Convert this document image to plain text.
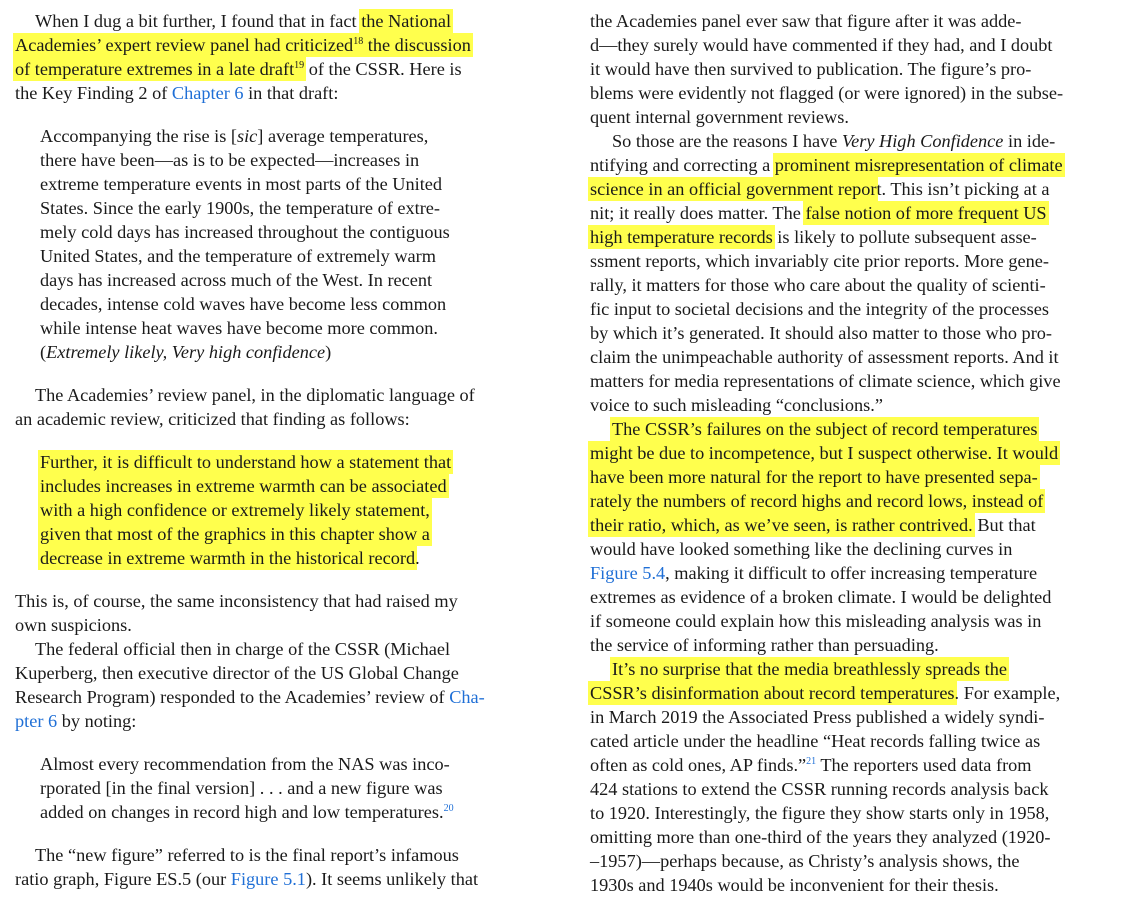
When I dug a bit further, I found that in fact the National
Academies’ expert review panel had criticized$^{18}$ the discussion
of temperature extremes in a late draft$^{19}$ of the CSSR. Here is
the Key Finding 2 of Chapter 6 in that draft:
Accompanying the rise is [sic] average temperatures,
there have been—as is to be expected—increases in
extreme temperature events in most parts of the United
States. Since the early 1900s, the temperature of extre-
mely cold days has increased throughout the contiguous
United States, and the temperature of extremely warm
days has increased across much of the West. In recent
decades, intense cold waves have become less common
while intense heat waves have become more common.
(Extremely likely, Very high confidence)
The Academies’ review panel, in the diplomatic language of
an academic review, criticized that finding as follows:
Further, it is difficult to understand how a statement that
includes increases in extreme warmth can be associated
with a high confidence or extremely likely statement,
given that most of the graphics in this chapter show a
decrease in extreme warmth in the historical record.
This is, of course, the same inconsistency that had raised my
own suspicions.
The federal official then in charge of the CSSR (Michael
Kuperberg, then executive director of the US Global Change
Research Program) responded to the Academies’ review of Cha-
pter 6 by noting:
Almost every recommendation from the NAS was inco-
rporated [in the final version] . . . and a new figure was
added on changes in record high and low temperatures.$^{20}$
The “new figure” referred to is the final report’s infamous
ratio graph, Figure ES.5 (our Figure 5.1). It seems unlikely that
the Academies panel ever saw that figure after it was adde-
d—they surely would have commented if they had, and I doubt
it would have then survived to publication. The figure’s pro-
blems were evidently not flagged (or were ignored) in the subse-
quent internal government reviews.
So those are the reasons I have Very High Confidence in ide-
ntifying and correcting a prominent misrepresentation of climate
science in an official government report. This isn’t picking at a
nit; it really does matter. The false notion of more frequent US
high temperature records is likely to pollute subsequent asse-
ssment reports, which invariably cite prior reports. More gene-
rally, it matters for those who care about the quality of scienti-
fic input to societal decisions and the integrity of the processes
by which it’s generated. It should also matter to those who pro-
claim the unimpeachable authority of assessment reports. And it
matters for media representations of climate science, which give
voice to such misleading “conclusions.”
The CSSR’s failures on the subject of record temperatures
might be due to incompetence, but I suspect otherwise. It would
have been more natural for the report to have presented sepa-
rately the numbers of record highs and record lows, instead of
their ratio, which, as we’ve seen, is rather contrived. But that
would have looked something like the declining curves in
Figure 5.4, making it difficult to offer increasing temperature
extremes as evidence of a broken climate. I would be delighted
if someone could explain how this misleading analysis was in
the service of informing rather than persuading.
It’s no surprise that the media breathlessly spreads the
CSSR’s disinformation about record temperatures. For example,
in March 2019 the Associated Press published a widely syndi-
cated article under the headline “Heat records falling twice as
often as cold ones, AP finds.”$^{21}$ The reporters used data from
424 stations to extend the CSSR running records analysis back
to 1920. Interestingly, the figure they show starts only in 1958,
omitting more than one-third of the years they analyzed (1920-
–1957)—perhaps because, as Christy’s analysis shows, the
1930s and 1940s would be inconvenient for their thesis.
